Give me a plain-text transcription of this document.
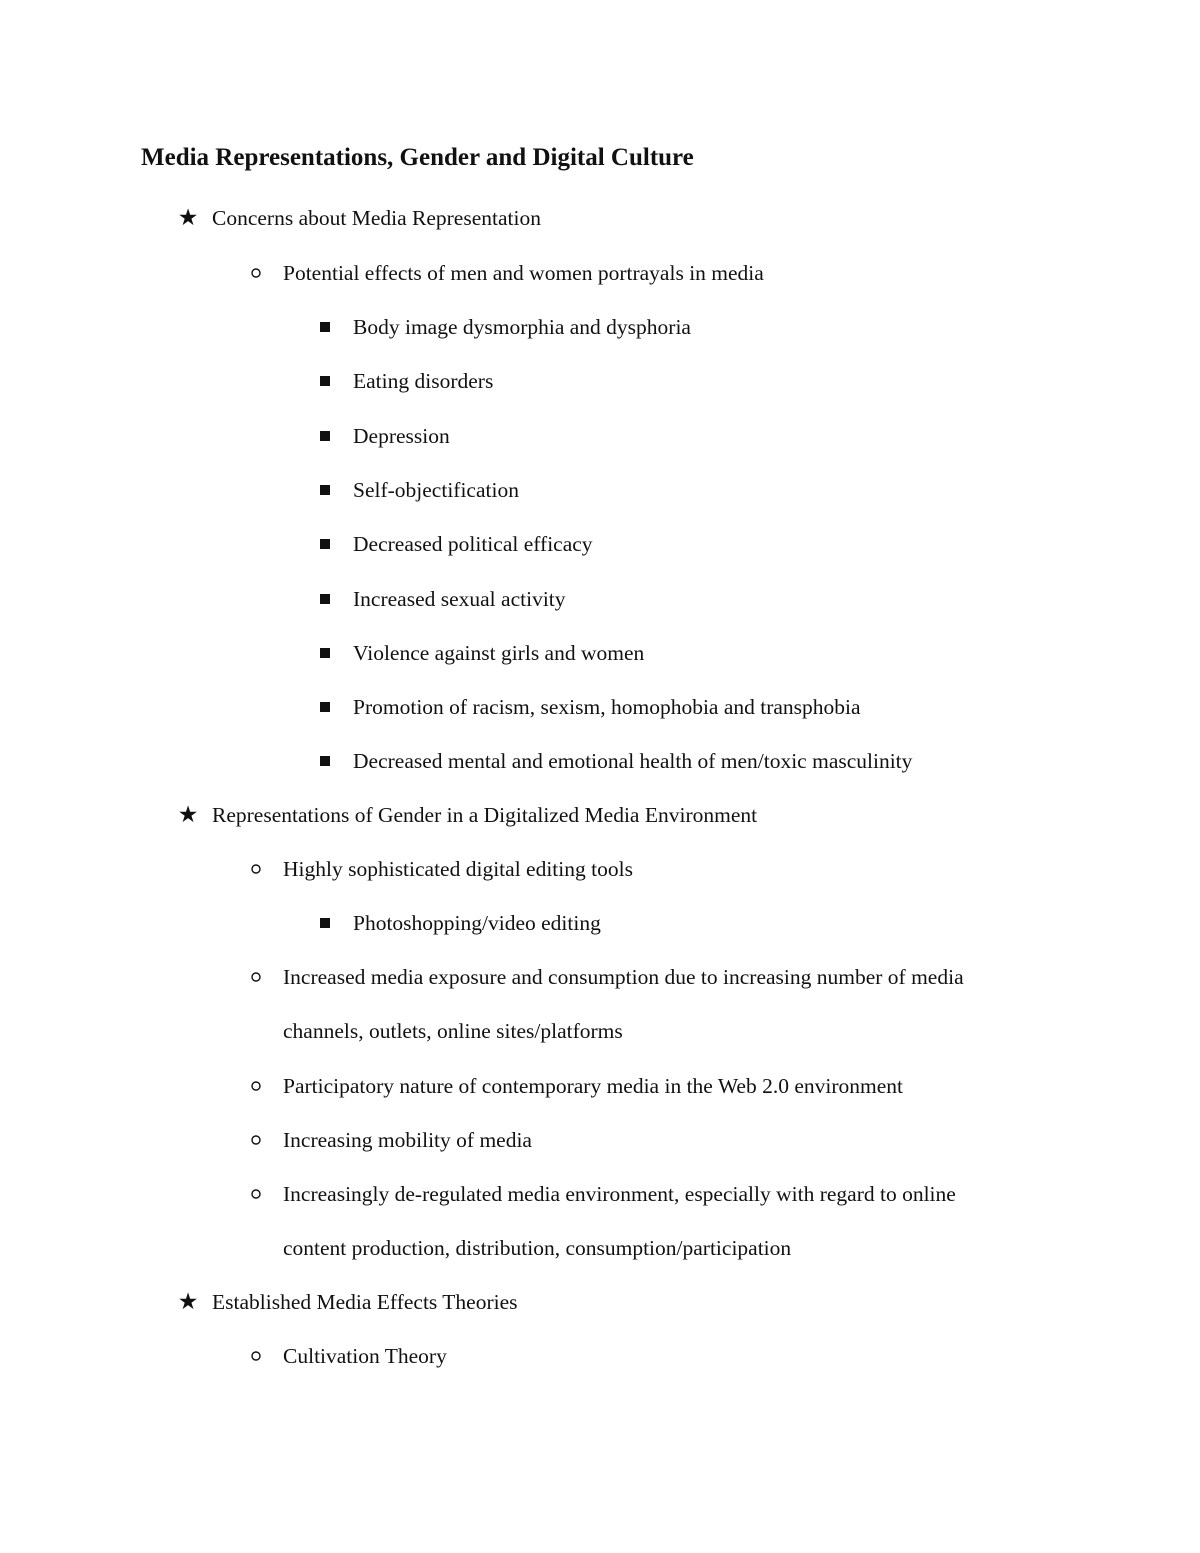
Media Representations, Gender and Digital Culture
★ Concerns about Media Representation
Potential effects of men and women portrayals in media
Body image dysmorphia and dysphoria
Eating disorders
Depression
Self-objectification
Decreased political efficacy
Increased sexual activity
Violence against girls and women
Promotion of racism, sexism, homophobia and transphobia
Decreased mental and emotional health of men/toxic masculinity
★ Representations of Gender in a Digitalized Media Environment
Highly sophisticated digital editing tools
Photoshopping/video editing
Increased media exposure and consumption due to increasing number of media
channels, outlets, online sites/platforms
Participatory nature of contemporary media in the Web 2.0 environment
Increasing mobility of media
Increasingly de-regulated media environment, especially with regard to online
content production, distribution, consumption/participation
★ Established Media Effects Theories
Cultivation Theory
